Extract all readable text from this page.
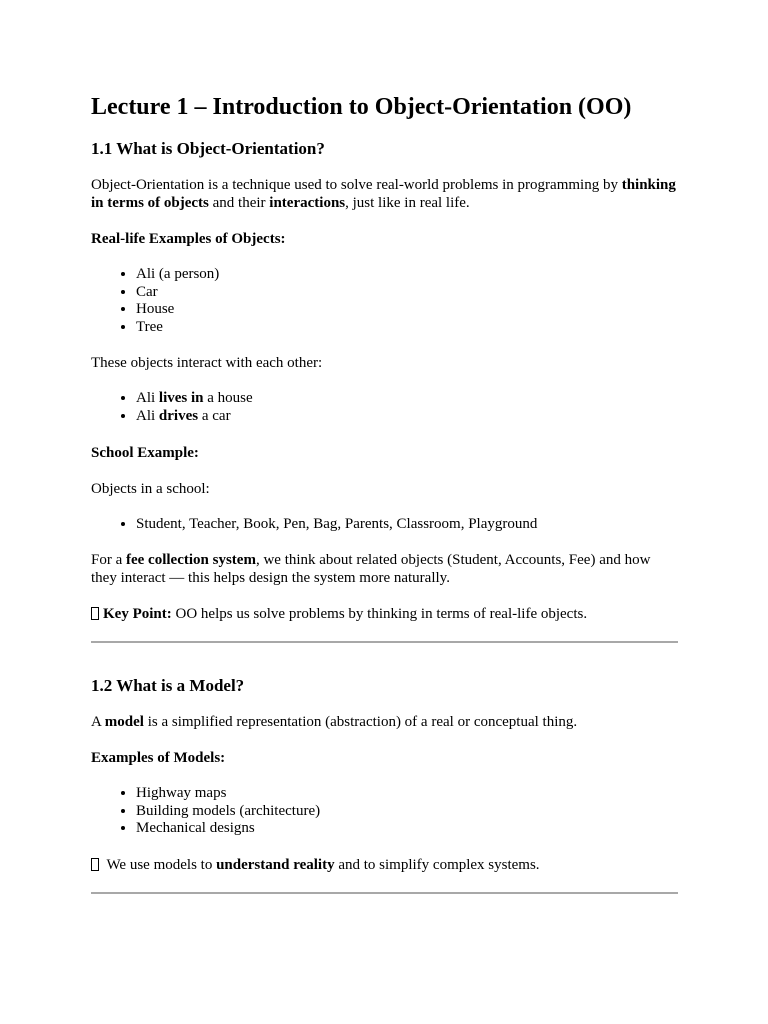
Lecture 1 – Introduction to Object-Orientation (OO)
1.1 What is Object-Orientation?

Object-Orientation is a technique used to solve real-world problems in programming by thinking in terms of objects and their interactions, just like in real life.

Real-life Examples of Objects:

• Ali (a person)
• Car
• House
• Tree

These objects interact with each other:

• Ali lives in a house
• Ali drives a car

School Example:

Objects in a school:

• Student, Teacher, Book, Pen, Bag, Parents, Classroom, Playground

For a fee collection system, we think about related objects (Student, Accounts, Fee) and how they interact — this helps design the system more naturally.

Key Point: OO helps us solve problems by thinking in terms of real-life objects.

1.2 What is a Model?

A model is a simplified representation (abstraction) of a real or conceptual thing.

Examples of Models:

• Highway maps
• Building models (architecture)
• Mechanical designs

We use models to understand reality and to simplify complex systems.
